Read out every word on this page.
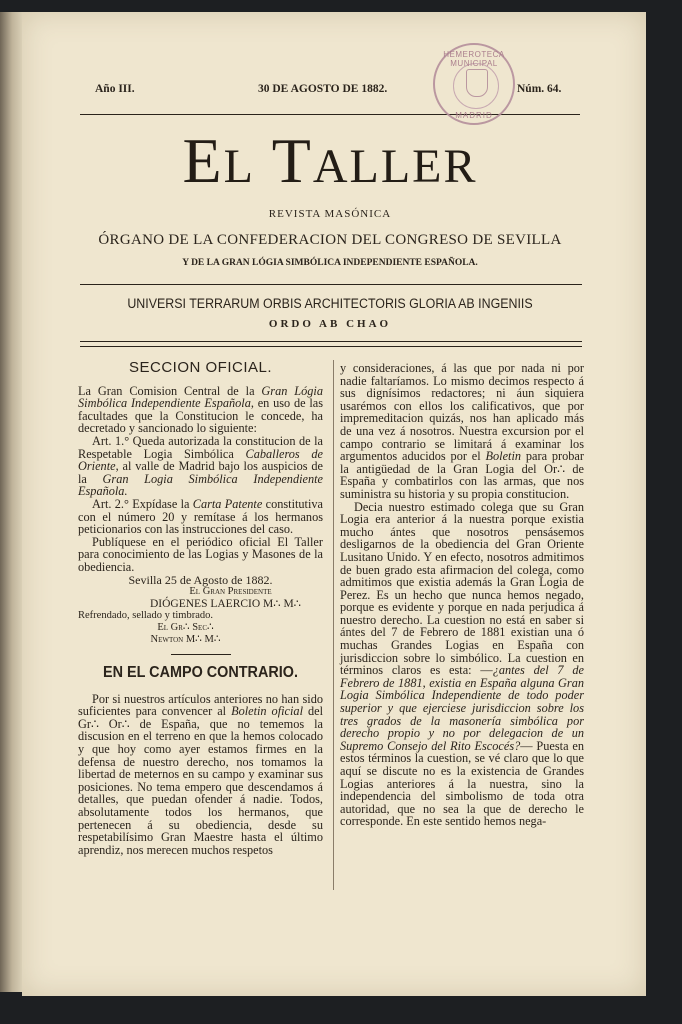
Año III.	30 DE AGOSTO DE 1882.	Núm. 64.
HEMEROTECA MUNICIPAL
MADRID
EL TALLER
REVISTA MASÓNICA
ÓRGANO DE LA CONFEDERACION DEL CONGRESO DE SEVILLA
Y DE LA GRAN LÓGIA SIMBÓLICA INDEPENDIENTE ESPAÑOLA.
UNIVERSI TERRARUM ORBIS ARCHITECTORIS GLORIA AB INGENIIS
ORDO AB CHAO
SECCION OFICIAL.

La Gran Comision Central de la Gran Lógia Simbólica Independiente Española, en uso de las facultades que la Constitucion le concede, ha decretado y sancionado lo siguiente:

Art. 1.° Queda autorizada la constitucion de la Respetable Logia Simbólica Caballeros de Oriente, al valle de Madrid bajo los auspicios de la Gran Logia Simbólica Independiente Española.

Art. 2.° Expídase la Carta Patente constitutiva con el número 20 y remítase á los hermanos peticionarios con las instrucciones del caso.

Publíquese en el periódico oficial El Taller para conocimiento de las Logias y Masones de la obediencia.

Sevilla 25 de Agosto de 1882.

El Gran Presidente

DIÓGENES LAERCIO M∴ M∴

Refrendado, sellado y timbrado.

El Gr∴ Sec∴

Newton M∴ M∴

EN EL CAMPO CONTRARIO.

Por si nuestros artículos anteriores no han sido suficientes para convencer al Boletin oficial del Gr∴ Or∴ de España, que no tememos la discusion en el terreno en que la hemos colocado y que hoy como ayer estamos firmes en la defensa de nuestro derecho, nos tomamos la libertad de meternos en su campo y examinar sus posiciones. No tema empero que descendamos á detalles, que puedan ofender á nadie. Todos, absolutamente todos los hermanos, que pertenecen á su obediencia, desde su respetabilísimo Gran Maestre hasta el último aprendiz, nos merecen muchos respetos

y consideraciones, á las que por nada ni por nadie faltaríamos. Lo mismo decimos respecto á sus dignísimos redactores; ni áun siquiera usarémos con ellos los calificativos, que por impremeditacion quizás, nos han aplicado más de una vez á nosotros. Nuestra excursion por el campo contrario se limitará á examinar los argumentos aducidos por el Boletin para probar la antigüedad de la Gran Logia del Or∴ de España y combatirlos con las armas, que nos suministra su historia y su propia constitucion.

Decia nuestro estimado colega que su Gran Logia era anterior á la nuestra porque existia mucho ántes que nosotros pensásemos desligarnos de la obediencia del Gran Oriente Lusitano Unido. Y en efecto, nosotros admitimos de buen grado esta afirmacion del colega, como admitimos que existia además la Gran Logia de Perez. Es un hecho que nunca hemos negado, porque es evidente y porque en nada perjudica á nuestro derecho. La cuestion no está en saber si ántes del 7 de Febrero de 1881 existian una ó muchas Grandes Logias en España con jurisdiccion sobre lo simbólico. La cuestion en términos claros es esta: —¿antes del 7 de Febrero de 1881, existia en España alguna Gran Logia Simbólica Independiente de todo poder superior y que ejerciese jurisdiccion sobre los tres grados de la masonería simbólica por derecho propio y no por delegacion de un Supremo Consejo del Rito Escocés?— Puesta en estos términos la cuestion, se vé claro que lo que aquí se discute no es la existencia de Grandes Logias anteriores á la nuestra, sino la independencia del simbolismo de toda otra autoridad, que no sea la que de derecho le corresponde. En este sentido hemos nega-
